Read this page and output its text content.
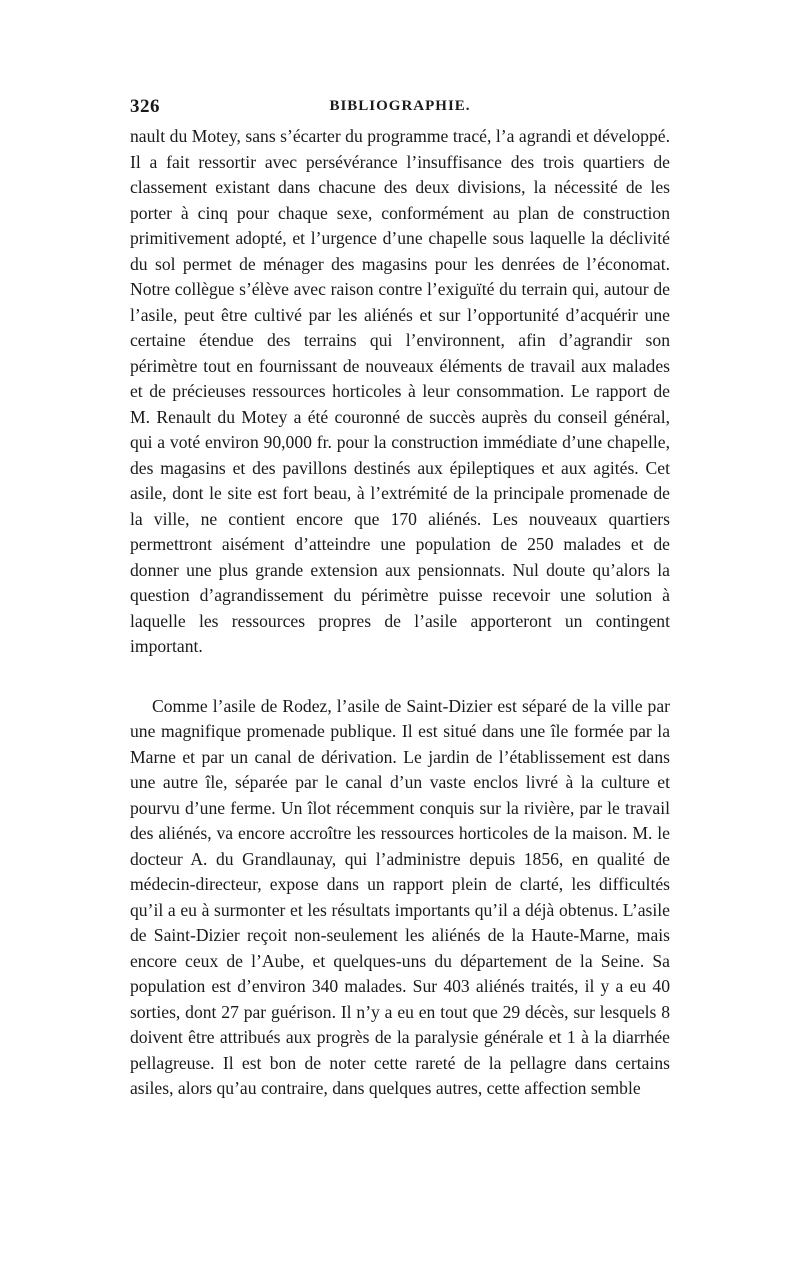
326	BIBLIOGRAPHIE.

nault du Motey, sans s’écarter du programme tracé, l’a agrandi et développé. Il a fait ressortir avec persévérance l’insuffisance des trois quartiers de classement existant dans chacune des deux divisions, la nécessité de les porter à cinq pour chaque sexe, conformément au plan de construction primitivement adopté, et l’urgence d’une chapelle sous laquelle la déclivité du sol permet de ménager des magasins pour les denrées de l’économat. Notre collègue s’élève avec raison contre l’exiguïté du terrain qui, autour de l’asile, peut être cultivé par les aliénés et sur l’opportunité d’acquérir une certaine étendue des terrains qui l’environnent, afin d’agrandir son périmètre tout en fournissant de nouveaux éléments de travail aux malades et de précieuses ressources horticoles à leur consommation. Le rapport de M. Renault du Motey a été couronné de succès auprès du conseil général, qui a voté environ 90,000 fr. pour la construction immédiate d’une chapelle, des magasins et des pavillons destinés aux épileptiques et aux agités. Cet asile, dont le site est fort beau, à l’extrémité de la principale promenade de la ville, ne contient encore que 170 aliénés. Les nouveaux quartiers permettront aisément d’atteindre une population de 250 malades et de donner une plus grande extension aux pensionnats. Nul doute qu’alors la question d’agrandissement du périmètre puisse recevoir une solution à laquelle les ressources propres de l’asile apporteront un contingent important.

Comme l’asile de Rodez, l’asile de Saint-Dizier est séparé de la ville par une magnifique promenade publique. Il est situé dans une île formée par la Marne et par un canal de dérivation. Le jardin de l’établissement est dans une autre île, séparée par le canal d’un vaste enclos livré à la culture et pourvu d’une ferme. Un îlot récemment conquis sur la rivière, par le travail des aliénés, va encore accroître les ressources horticoles de la maison. M. le docteur A. du Grandlaunay, qui l’administre depuis 1856, en qualité de médecin-directeur, expose dans un rapport plein de clarté, les difficultés qu’il a eu à surmonter et les résultats importants qu’il a déjà obtenus. L’asile de Saint-Dizier reçoit non-seulement les aliénés de la Haute-Marne, mais encore ceux de l’Aube, et quelques-uns du département de la Seine. Sa population est d’environ 340 malades. Sur 403 aliénés traités, il y a eu 40 sorties, dont 27 par guérison. Il n’y a eu en tout que 29 décès, sur lesquels 8 doivent être attribués aux progrès de la paralysie générale et 1 à la diarrhée pellagreuse. Il est bon de noter cette rareté de la pellagre dans certains asiles, alors qu’au contraire, dans quelques autres, cette affection semble
